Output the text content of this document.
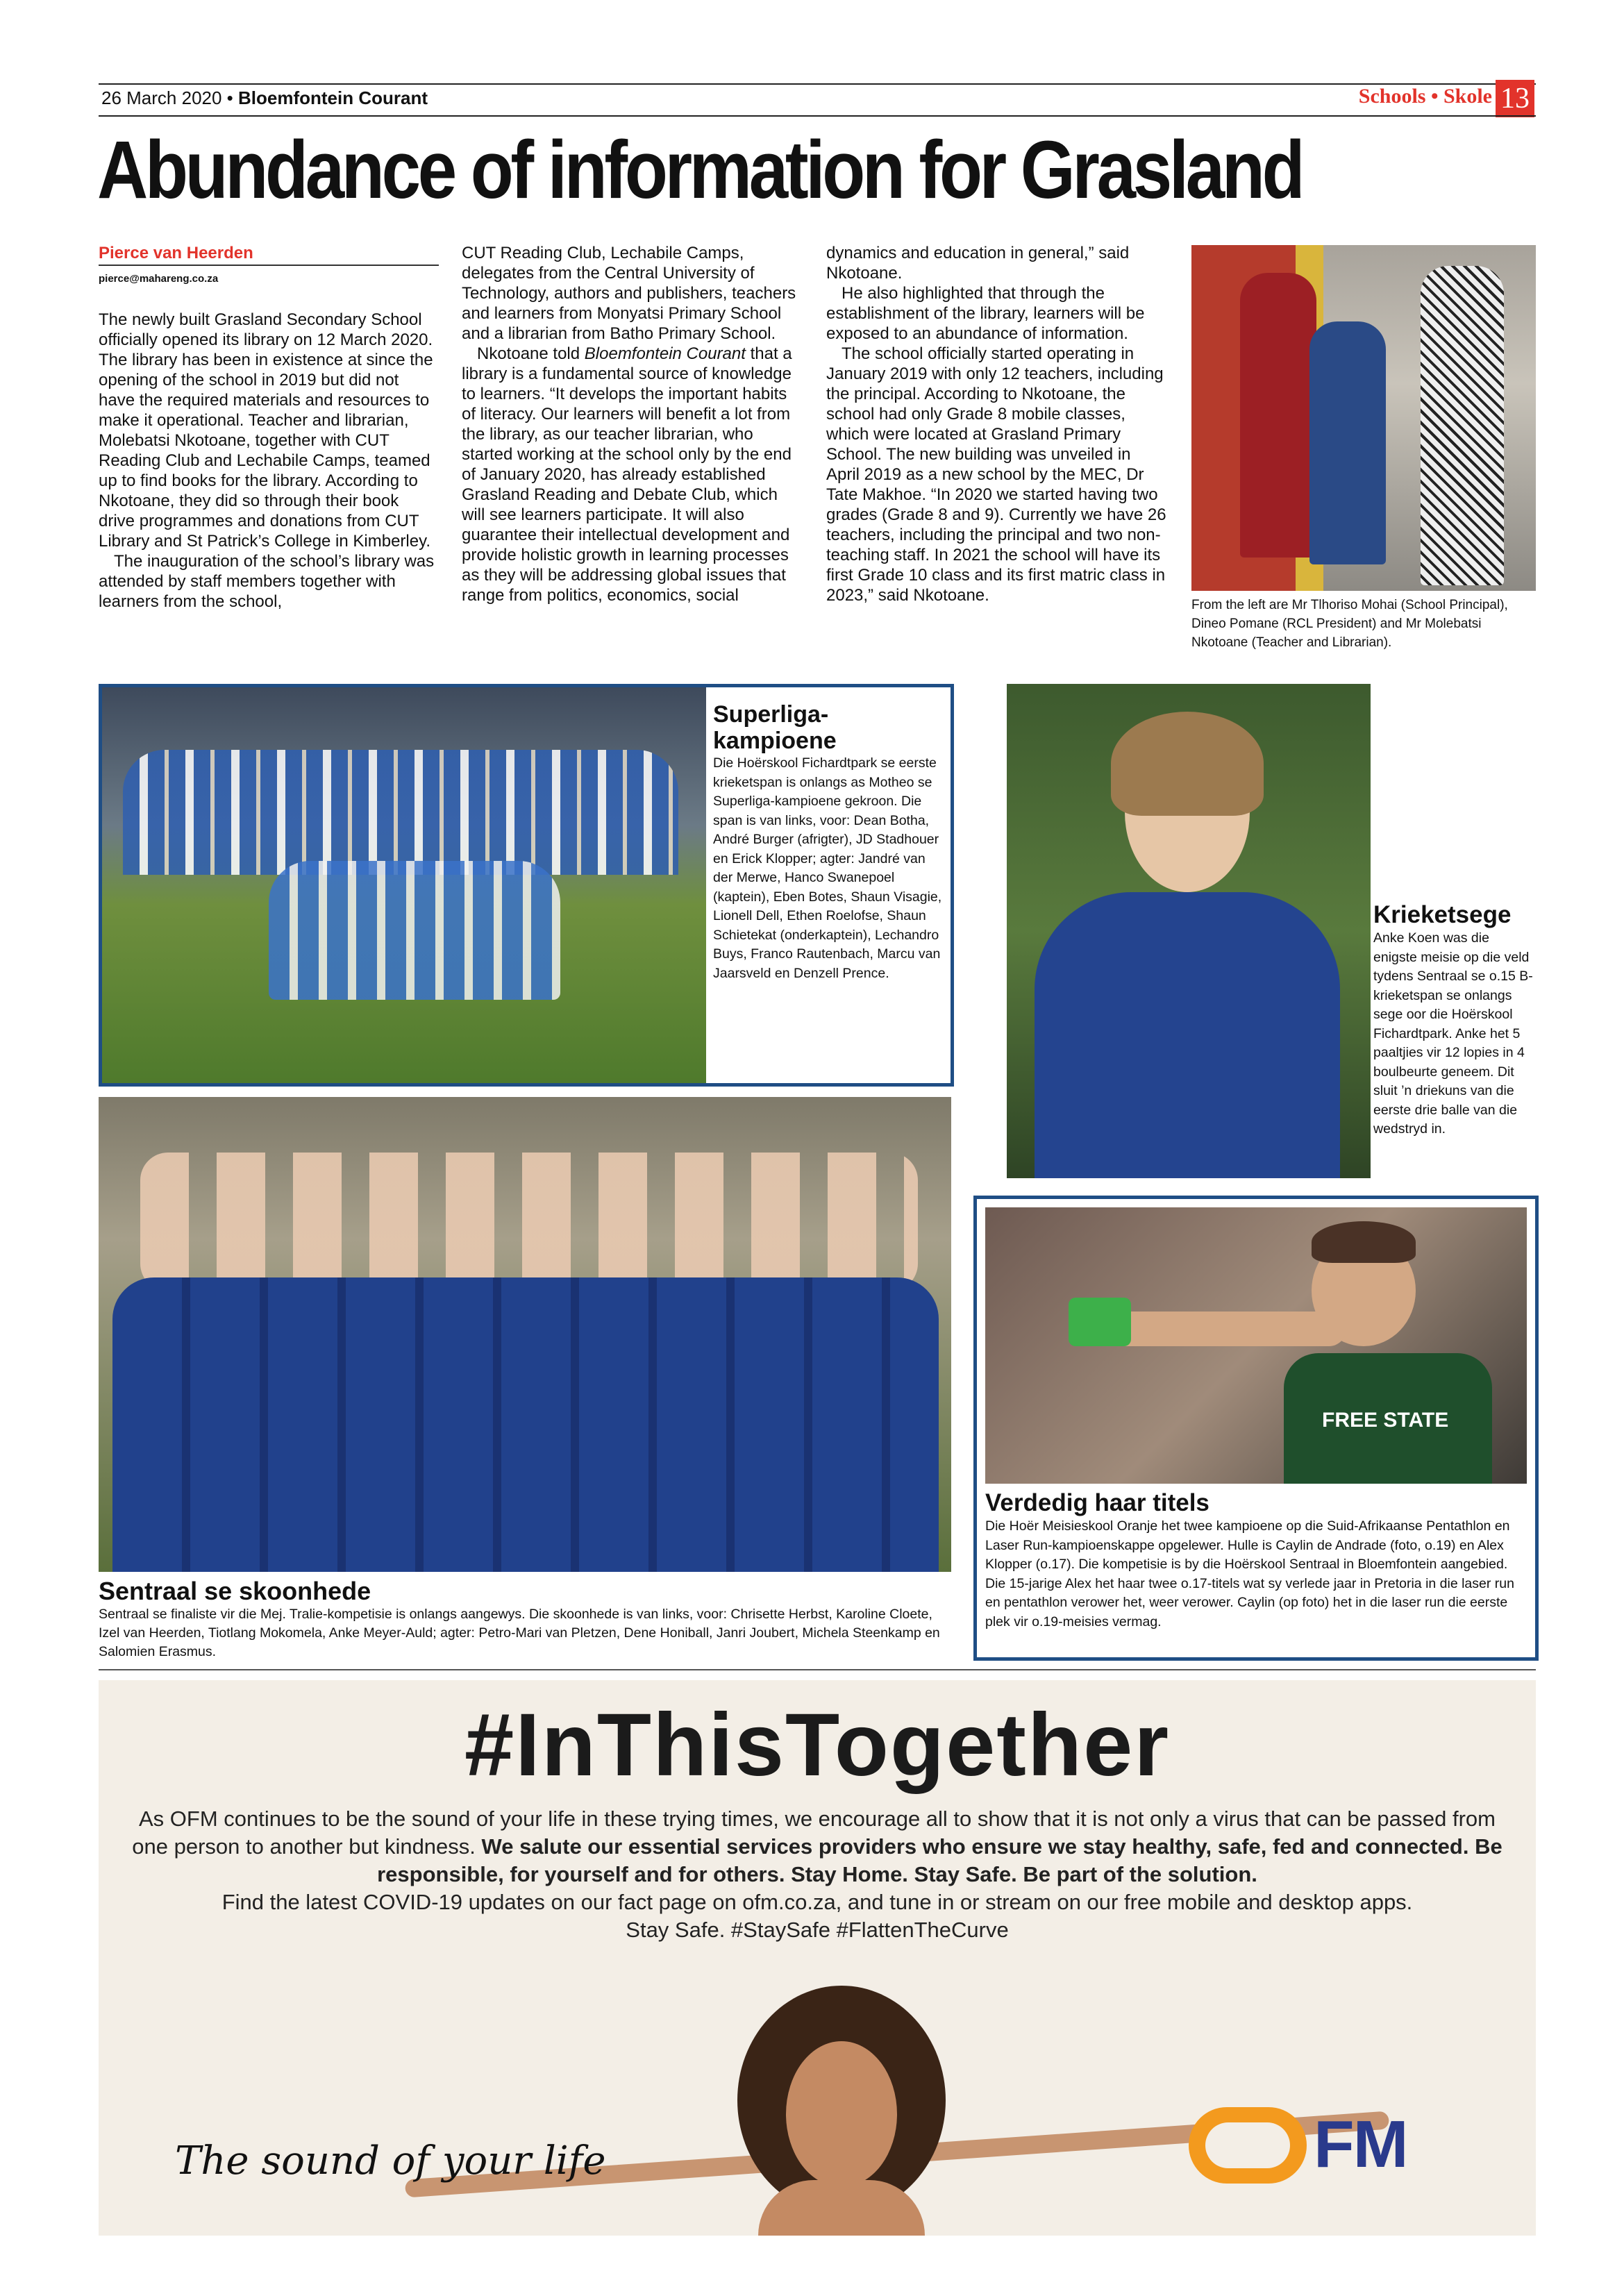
26 March 2020 • Bloemfontein Courant	Schools • Skole 13
Abundance of information for Grasland
Pierce van Heerden
pierce@mahareng.co.za

The newly built Grasland Secondary School officially opened its library on 12 March 2020. The library has been in existence at since the opening of the school in 2019 but did not have the required materials and resources to make it operational. Teacher and librarian, Molebatsi Nkotoane, together with CUT Reading Club and Lechabile Camps, teamed up to find books for the library. According to Nkotoane, they did so through their book drive programmes and donations from CUT Library and St Patrick’s College in Kimberley.

The inauguration of the school’s library was attended by staff members together with learners from the school,

CUT Reading Club, Lechabile Camps, delegates from the Central University of Technology, authors and publishers, teachers and learners from Monyatsi Primary School and a librarian from Batho Primary School.

Nkotoane told Bloemfontein Courant that a library is a fundamental source of knowledge to learners. “It develops the important habits of literacy. Our learners will benefit a lot from the library, as our teacher librarian, who started working at the school only by the end of January 2020, has already established Grasland Reading and Debate Club, which will see learners participate. It will also guarantee their intellectual development and provide holistic growth in learning processes as they will be addressing global issues that range from politics, economics, social

dynamics and education in general,” said Nkotoane.

He also highlighted that through the establishment of the library, learners will be exposed to an abundance of information.

The school officially started operating in January 2019 with only 12 teachers, including the principal. According to Nkotoane, the school had only Grade 8 mobile classes, which were located at Grasland Primary School. The new building was unveiled in April 2019 as a new school by the MEC, Dr Tate Makhoe. “In 2020 we started having two grades (Grade 8 and 9). Currently we have 26 teachers, including the principal and two non-teaching staff. In 2021 the school will have its first Grade 10 class and its first matric class in 2023,” said Nkotoane.

From the left are Mr Tlhoriso Mohai (School Principal), Dineo Pomane (RCL President) and Mr Molebatsi Nkotoane (Teacher and Librarian).
Superliga-kampioene
Die Hoërskool Fichardtpark se eerste krieketspan is onlangs as Motheo se Superliga-kampioene gekroon. Die span is van links, voor: Dean Botha, André Burger (afrigter), JD Stadhouer en Erick Klopper; agter: Jandré van der Merwe, Hanco Swanepoel (kaptein), Eben Botes, Shaun Visagie, Lionell Dell, Ethen Roelofse, Shaun Schietekat (onderkaptein), Lechandro Buys, Franco Rautenbach, Marcu van Jaarsveld en Denzell Prence.
Krieketsege
Anke Koen was die enigste meisie op die veld tydens Sentraal se o.15 B-krieketspan se onlangs sege oor die Hoërskool Fichardtpark. Anke het 5 paaltjies vir 12 lopies in 4 boulbeurte geneem. Dit sluit ’n driekuns van die eerste drie balle van die wedstryd in.
Sentraal se skoonhede
Sentraal se finaliste vir die Mej. Tralie-kompetisie is onlangs aangewys. Die skoonhede is van links, voor: Chrisette Herbst, Karoline Cloete, Izel van Heerden, Tiotlang Mokomela, Anke Meyer-Auld; agter: Petro-Mari van Pletzen, Dene Honiball, Janri Joubert, Michela Steenkamp en Salomien Erasmus.
FREE STATE
Verdedig haar titels
Die Hoër Meisieskool Oranje het twee kampioene op die Suid-Afrikaanse Pentathlon en Laser Run-kampioenskappe opgelewer. Hulle is Caylin de Andrade (foto, o.19) en Alex Klopper (o.17). Die kompetisie is by die Hoërskool Sentraal in Bloemfontein aangebied. Die 15-jarige Alex het haar twee o.17-titels wat sy verlede jaar in Pretoria in die laser run en pentathlon verower het, weer verower. Caylin (op foto) het in die laser run die eerste plek vir o.19-meisies vermag.
#InThisTogether
As OFM continues to be the sound of your life in these trying times, we encourage all to show that it is not only a virus that can be passed from one person to another but kindness. We salute our essential services providers who ensure we stay healthy, safe, fed and connected. Be responsible, for yourself and for others. Stay Home. Stay Safe. Be part of the solution.
Find the latest COVID-19 updates on our fact page on ofm.co.za, and tune in or stream on our free mobile and desktop apps.
Stay Safe. #StaySafe #FlattenTheCurve
The sound of your life	FM
